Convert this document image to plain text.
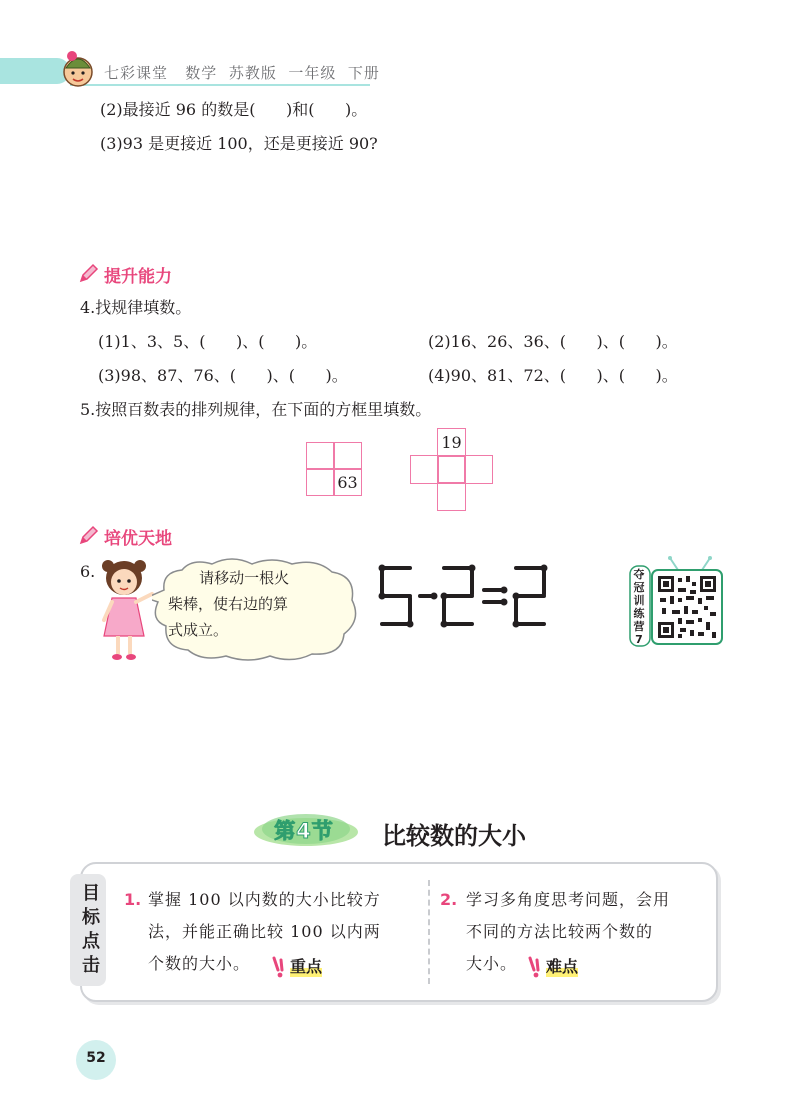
七彩课堂   数学  苏教版  一年级  下册
(2)最接近 96 的数是(      )和(      )。
(3)93 是更接近 100，还是更接近 90?
提升能力
4.找规律填数。
(1)1、3、5、(      )、(      )。	(2)16、26、36、(      )、(      )。
(3)98、87、76、(      )、(      )。	(4)90、81、72、(      )、(      )。
5.按照百数表的排列规律，在下面的方框里填数。
63
19
培优天地
6.	请移动一根火
柴棒，使右边的算
式成立。
夺
冠
训
练
营
7
第4节	比较数的大小
目
标
点
击
1. 掌握 100 以内数的大小比较方
法，并能正确比较 100 以内两
个数的大小。 重点
2. 学习多角度思考问题，会用
不同的方法比较两个数的
大小。 难点
52
